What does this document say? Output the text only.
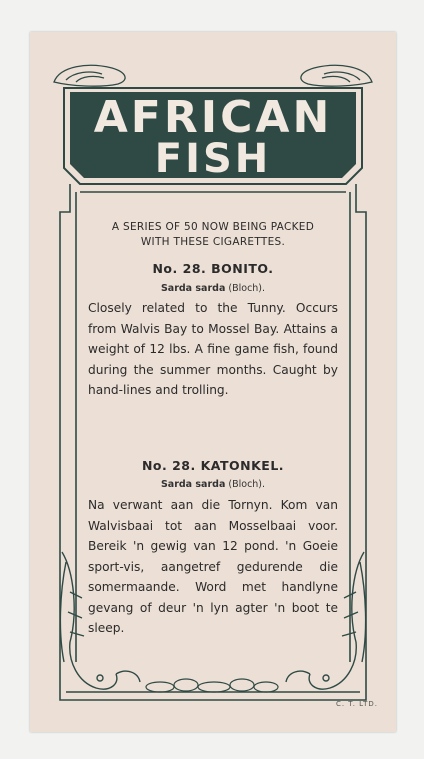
AFRICAN
FISH
A SERIES OF 50 NOW BEING PACKED
WITH THESE CIGARETTES.
No. 28. BONITO.
Sarda sarda (Bloch).
Closely related to the Tunny. Occurs from Walvis Bay to Mossel Bay. Attains a weight of 12 lbs. A fine game fish, found during the summer months. Caught by hand-lines and trolling.
No. 28. KATONKEL.
Sarda sarda (Bloch).
Na verwant aan die Tornyn. Kom van Walvisbaai tot aan Mosselbaai voor. Bereik 'n gewig van 12 pond. 'n Goeie sport-vis, aangetref gedurende die somermaande. Word met handlyne gevang of deur 'n lyn agter 'n boot te sleep.
C. T. LTD.
